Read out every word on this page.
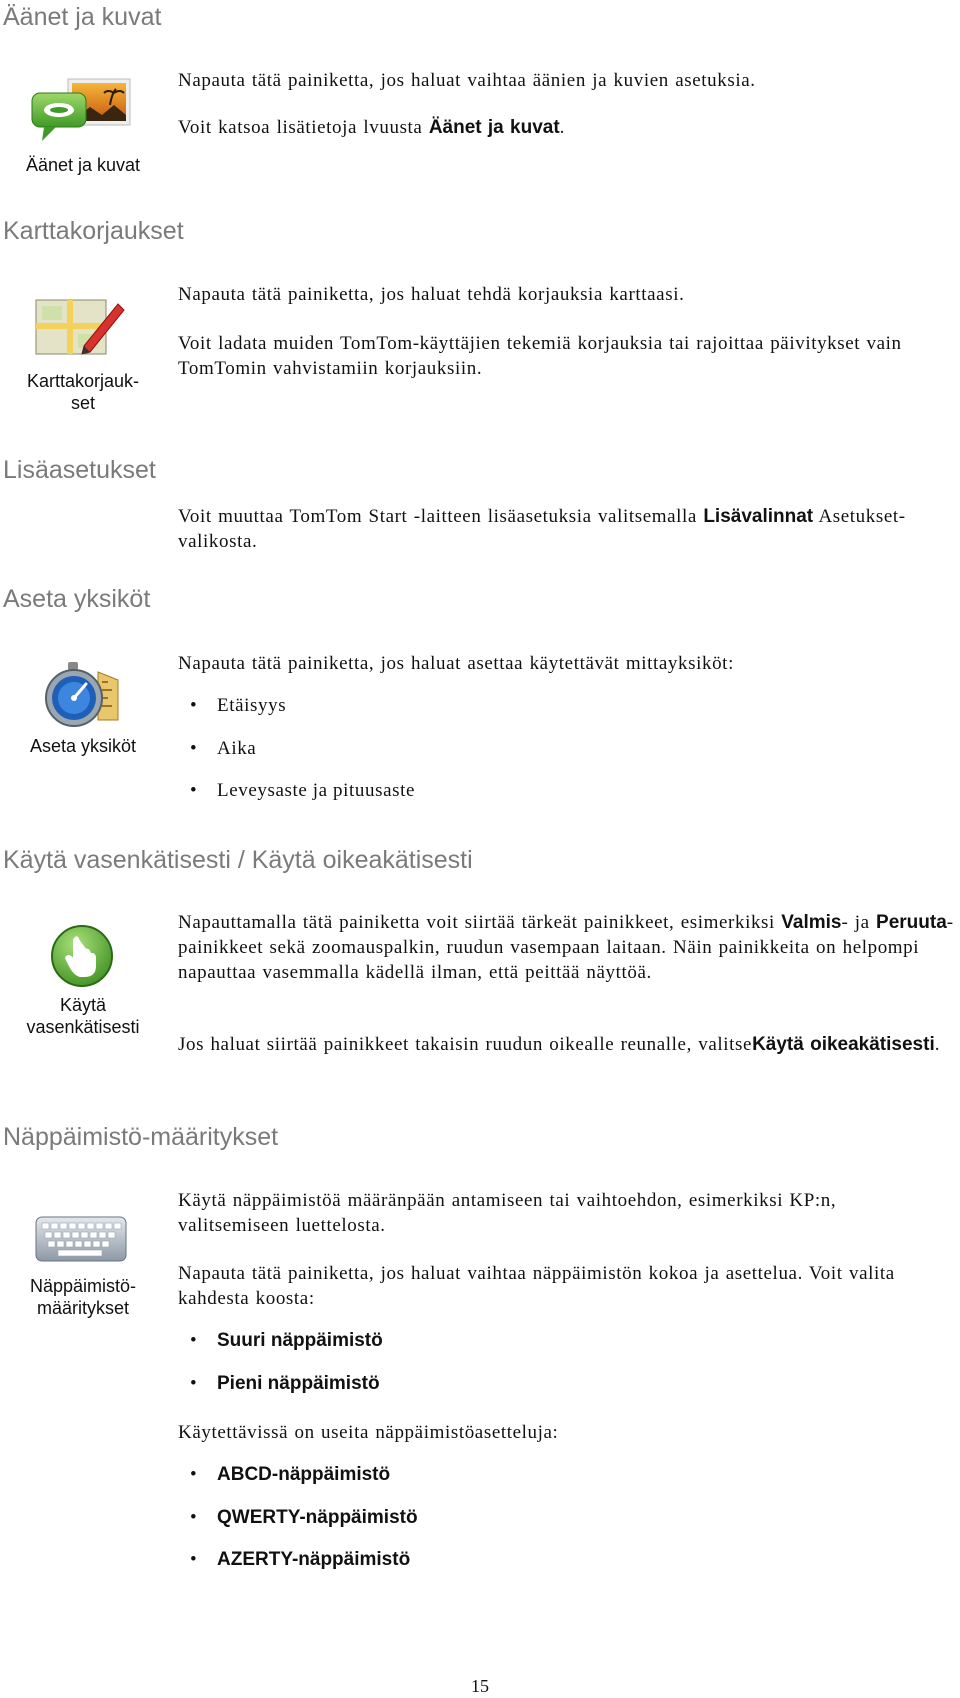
Äänet ja kuvat
Äänet ja kuvat
Napauta tätä painiketta, jos haluat vaihtaa äänien ja kuvien asetuksia.
Voit katsoa lisätietoja lvuusta Äänet ja kuvat.
Karttakorjaukset
Karttakorjauk-
set
Napauta tätä painiketta, jos haluat tehdä korjauksia karttaasi.
Voit ladata muiden TomTom-käyttäjien tekemiä korjauksia tai rajoittaa päivitykset vain TomTomin vahvistamiin korjauksiin.
Lisäasetukset
Voit muuttaa TomTom Start -laitteen lisäasetuksia valitsemalla Lisävalinnat Asetukset-valikosta.
Aseta yksiköt
Aseta yksiköt
Napauta tätä painiketta, jos haluat asettaa käytettävät mittayksiköt:
• Etäisyys
• Aika
• Leveysaste ja pituusaste
Käytä vasenkätisesti / Käytä oikeakätisesti
Käytä
vasenkätisesti
Napauttamalla tätä painiketta voit siirtää tärkeät painikkeet, esimerkiksi Valmis- ja Peruuta-painikkeet sekä zoomauspalkin, ruudun vasempaan laitaan. Näin painikkeita on helpompi napauttaa vasemmalla kädellä ilman, että peittää näyttöä.
Jos haluat siirtää painikkeet takaisin ruudun oikealle reunalle, valitseKäytä oikeakätisesti.
Näppäimistö-määritykset
Näppäimistö-
määritykset
Käytä näppäimistöä määränpään antamiseen tai vaihtoehdon, esimerkiksi KP:n, valitsemiseen luettelosta.
Napauta tätä painiketta, jos haluat vaihtaa näppäimistön kokoa ja asettelua. Voit valita kahdesta koosta:
• Suuri näppäimistö
• Pieni näppäimistö
Käytettävissä on useita näppäimistöasetteluja:
• ABCD-näppäimistö
• QWERTY-näppäimistö
• AZERTY-näppäimistö
15
